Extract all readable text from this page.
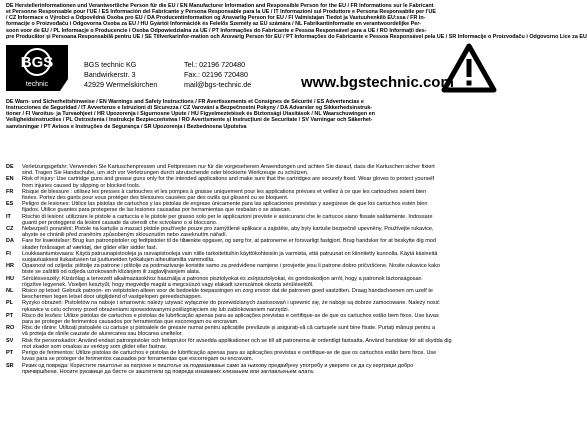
DE Herstellerinformationen und Verantwortliche Person für die EU / EN Manufacturer Information and Responsible Person for the EU / FR Informations sur le Fabricant

et Personne Responsable pour l'UE / ES Información del Fabricante y Persona Responsable para la UE / IT Informazioni sul Produttore e Persona Responsabile per l'UE

/ CZ Informace o Výrobci a Odpovědná Osoba pro EU / DA Producentinformation og Ansvarlig Person for EU / FI Valmistajan Tiedot ja Vastuuhenkilö EU:ssa / FR In-

formacije o Proizvođaču i Odgovorna Osoba za EU / HU Gyártói Információk és Felelős Személy az EU számára / NL Fabrikantinformatie en verantwoordelijke Per-

soon voor de EU / PL Informacje o Producencie i Osoba Odpowiedzialna za UE / PT Informações do Fabricante e Pessoa Responsável para a UE / RO Informații des-

pre Producător și Persoana Responsabilă pentru UE / SE Tillverkarinfor-mation och Ansvarig Person för EU / PT Informações do Fabricante e Pessoa Responsável pela UE / SR Informacije o Proizvođaču i Odgovorno Lice za EU

BGS
technic

BGS technic KG

Bandwirkerstr. 3

42929 Wermelskirchen

Tel.: 02196 720480

Fax.: 02196 720480

mail@bgs-technic.de	www.bgstechnic.com

DE Warn- und Sicherheitshinweise / EN Warnings and Safety Instructions / FR Avertissements et Consignes de Sécurité / ES Advertencias e

Instrucciones de Seguridad / IT Avvertenze e Istruzioni di Sicurezza / CZ Varování a Bezpečnostní Pokyny / DA Advarsler og Sikkerhedsinstruk-

tioner / FI Varoitus- ja Turvaohjeet / HR Upozorenja i Sigurnosne Upute / HU Figyelmeztetések és Biztonsági Utasítások / NL Waarschuwingen en

Veiligheidsinstructies / PL Ostrzeżenia i Instrukcje Bezpieczeństwa / RO Avertismente și Instrucțiuni de Securitate / SV Varningar och Säkerhet-

sanvisningar / PT Avisos e Instruções de Segurança / SR Upozorenja i Bezbednosna Uputstva

DE	Verletzungsgefahr: Verwenden Sie Kartuschenpressen und Fettpressen nur für die vorgesehenen Anwendungen und achten Sie darauf, dass die Kartuschen sicher fixiert

sind. Tragen Sie Handschuhe, um sich vor Verletzungen durch abrutschende oder blockierte Werkzeuge zu schützen.

EN	Risk of injury: Use cartridge guns and grease guns only for the intended applications and make sure that the cartridges are securely fixed. Wear gloves to protect yourself

from injuries caused by slipping or blocked tools.

FR	Risque de blessure : utilisez les presses à cartouches et les pompes à graisse uniquement pour les applications prévues et veillez à ce que les cartouches soient bien

fixées. Portez des gants pour vous protéger des blessures causées par des outils qui glissent ou se bloquent.

ES	Peligro de lesiones: Utilice las pistolas de cartuchos y las pistolas de engrase únicamente para las aplicaciones previstas y asegúrese de que los cartuchos estén bien

fijados. Utilice guantes para protegerse de las lesiones causadas por herramientas que resbalan o se atascan.

IT	Rischio di lesioni: utilizzare le pistole a cartuccia e le pistole per grasso solo per le applicazioni previste e assicurarsi che le cartucce siano fissate saldamente. Indossare

guanti per proteggersi da lesioni causate da utensili che scivolano o si bloccano.

CZ	Nebezpečí poranění: Pistole na kartuše a mazací pistole používejte pouze pro zamýšlené aplikace a zajistěte, aby byly kartuše bezpečně upevněny. Používejte rukavice,

abyste se chránili před zraněním způsobeným sklouznutím nebo zaseknutím nářadí.

DA	Fare for kvæstelser: Brug kun patronpistoler og fedtpistoler til de tiltænkte opgaver, og sørg for, at patronerne er forsvarligt fastgjort. Brug handsker for at beskytte dig mod

skader forårsaget af værktøj, der glider eller sidder fast.

FI	Loukkaantumisvaara: Käytä patruunapistooleja ja rasvapistooleja vain niille tarkoitettuihin käyttökohteisiin ja varmista, että patruunat on kiinnitetty kunnolla. Käytä käsineitä

suojautuaksesi liukastuvien tai juuttuneiden työkalujen aiheuttamilta vammoilta.

HR	Opasnost od ozljeda: pištolje za patrone i pištolje za podmazivanje koristite samo za predviđene namjene i provjerite jesu li patrone dobro pričvršćene. Nosite rukavice kako

biste se zaštitili od ozljeda uzrokovanih klizanjem ili zaglavljivanjem alata.

HU	Sérülésveszély: Kizárólag a tervezett alkalmazásokhoz használja a patronos pisztolyokat és zsírpisztolyokat, és gondoskodjon arról, hogy a patronok biztonságosan

rögzítve legyenek. Viseljen kesztyűt, hogy megvédje magát a megcsúszó vagy elakadt szerszámok okozta sérülésektől.

NL	Risico op letsel: Gebruik patroon- en vetpistolen alleen voor de bedoelde toepassingen en zorg ervoor dat de patronen goed vastzitten. Draag handschoenen om uzelf te

beschermen tegen letsel door uitglijdend of vastgelopen gereedschappen.

PL	Ryzyko obrażeń: Pistoletów na naboje i smarownic należy używać wyłącznie do przewidzianych zastosowań i upewnić się, że naboje są dobrze zamocowane. Należy nosić

rękawice w celu ochrony przed obrażeniami spowodowanymi poślizgnięciem się lub zablokowaniem narzędzi.

PT	Risco de lesões: Utilize pistolas de cartuchos e pistolas de lubrificação apenas para as aplicações previstas e certifique-se de que os cartuchos estão bem fixos. Use luvas

para se proteger de ferimentos causados por ferramentas que escorregam ou encravam.

RO	Risc de rănire: Utilizați pistoalele cu cartușe și pistoalele de gresare numai pentru aplicațiile prevăzute și asigurați-vă că cartușele sunt bine fixate. Purtați mănuși pentru a

vă proteja de rănile cauzate de alunecarea sau blocarea uneltelor.

SV	Risk för personskador: Använd endast patronpistoler och fettsprutor för avsedda applikationer och se till att patronerna är ordentligt fastsatta. Använd handskar för att skydda dig

mot skador som orsakas av verktyg som glider eller fastnar.

PT	Perigo de ferimentos: Utilize pistolas de cartuchos e pistolas de lubrificação apenas para as aplicações previstas e certifique-se de que os cartuchos estão bem fixos. Use

luvas para se proteger de ferimentos causados por ferramentas que escorregam ou encravam.

SR	Ризик од повреда: Користите пиштоље за патроне и пиштоље за подмазивање само за њихову предвиђену употребу и уверите се да су кертриџи добро

причвршћени. Носите рукавице да бисте се заштитили од повреда изазваних клизањем или заглављењем алата.
